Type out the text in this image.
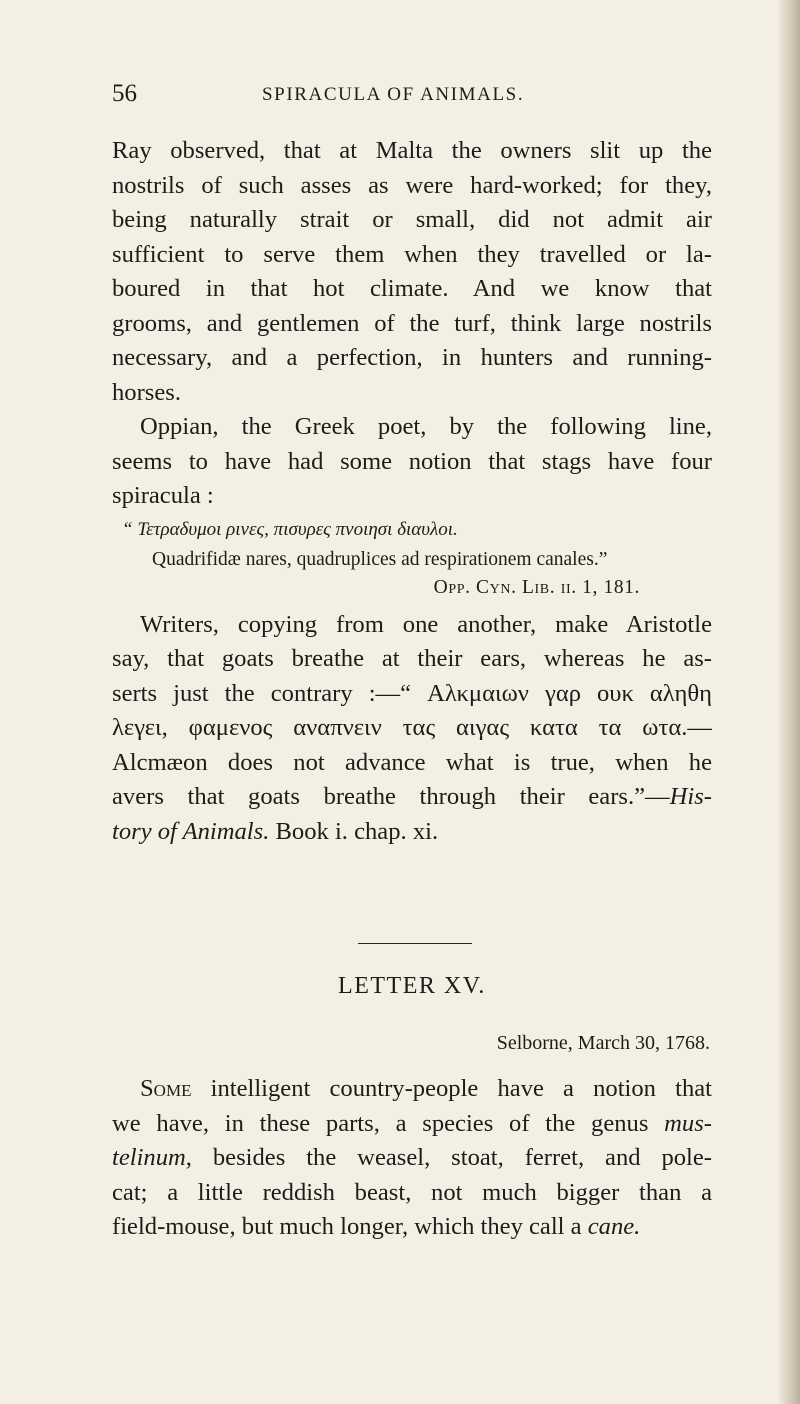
56	SPIRACULA OF ANIMALS.
Ray observed, that at Malta the owners slit up the
nostrils of such asses as were hard-worked; for they,
being naturally strait or small, did not admit air
sufficient to serve them when they travelled or la-
boured in that hot climate. And we know that
grooms, and gentlemen of the turf, think large nostrils
necessary, and a perfection, in hunters and running-
horses.
Oppian, the Greek poet, by the following line,
seems to have had some notion that stags have four
spiracula :
“ Τετραδυμοι ρινες, πισυρες πνοιησι διαυλοι.
Quadrifidæ nares, quadruplices ad respirationem canales.”
Opp. Cyn. Lib. ii. 1, 181.
Writers, copying from one another, make Aristotle
say, that goats breathe at their ears, whereas he as-
serts just the contrary :—“ Αλκμαιων γαρ ουκ αληθη
λεγει, φαμενος αναπνειν τας αιγας κατα τα ωτα.—
Alcmæon does not advance what is true, when he
avers that goats breathe through their ears.”—His-
tory of Animals. Book i. chap. xi.
LETTER XV.
Selborne, March 30, 1768.
Some intelligent country-people have a notion that
we have, in these parts, a species of the genus mus-
telinum, besides the weasel, stoat, ferret, and pole-
cat; a little reddish beast, not much bigger than a
field-mouse, but much longer, which they call a cane.
